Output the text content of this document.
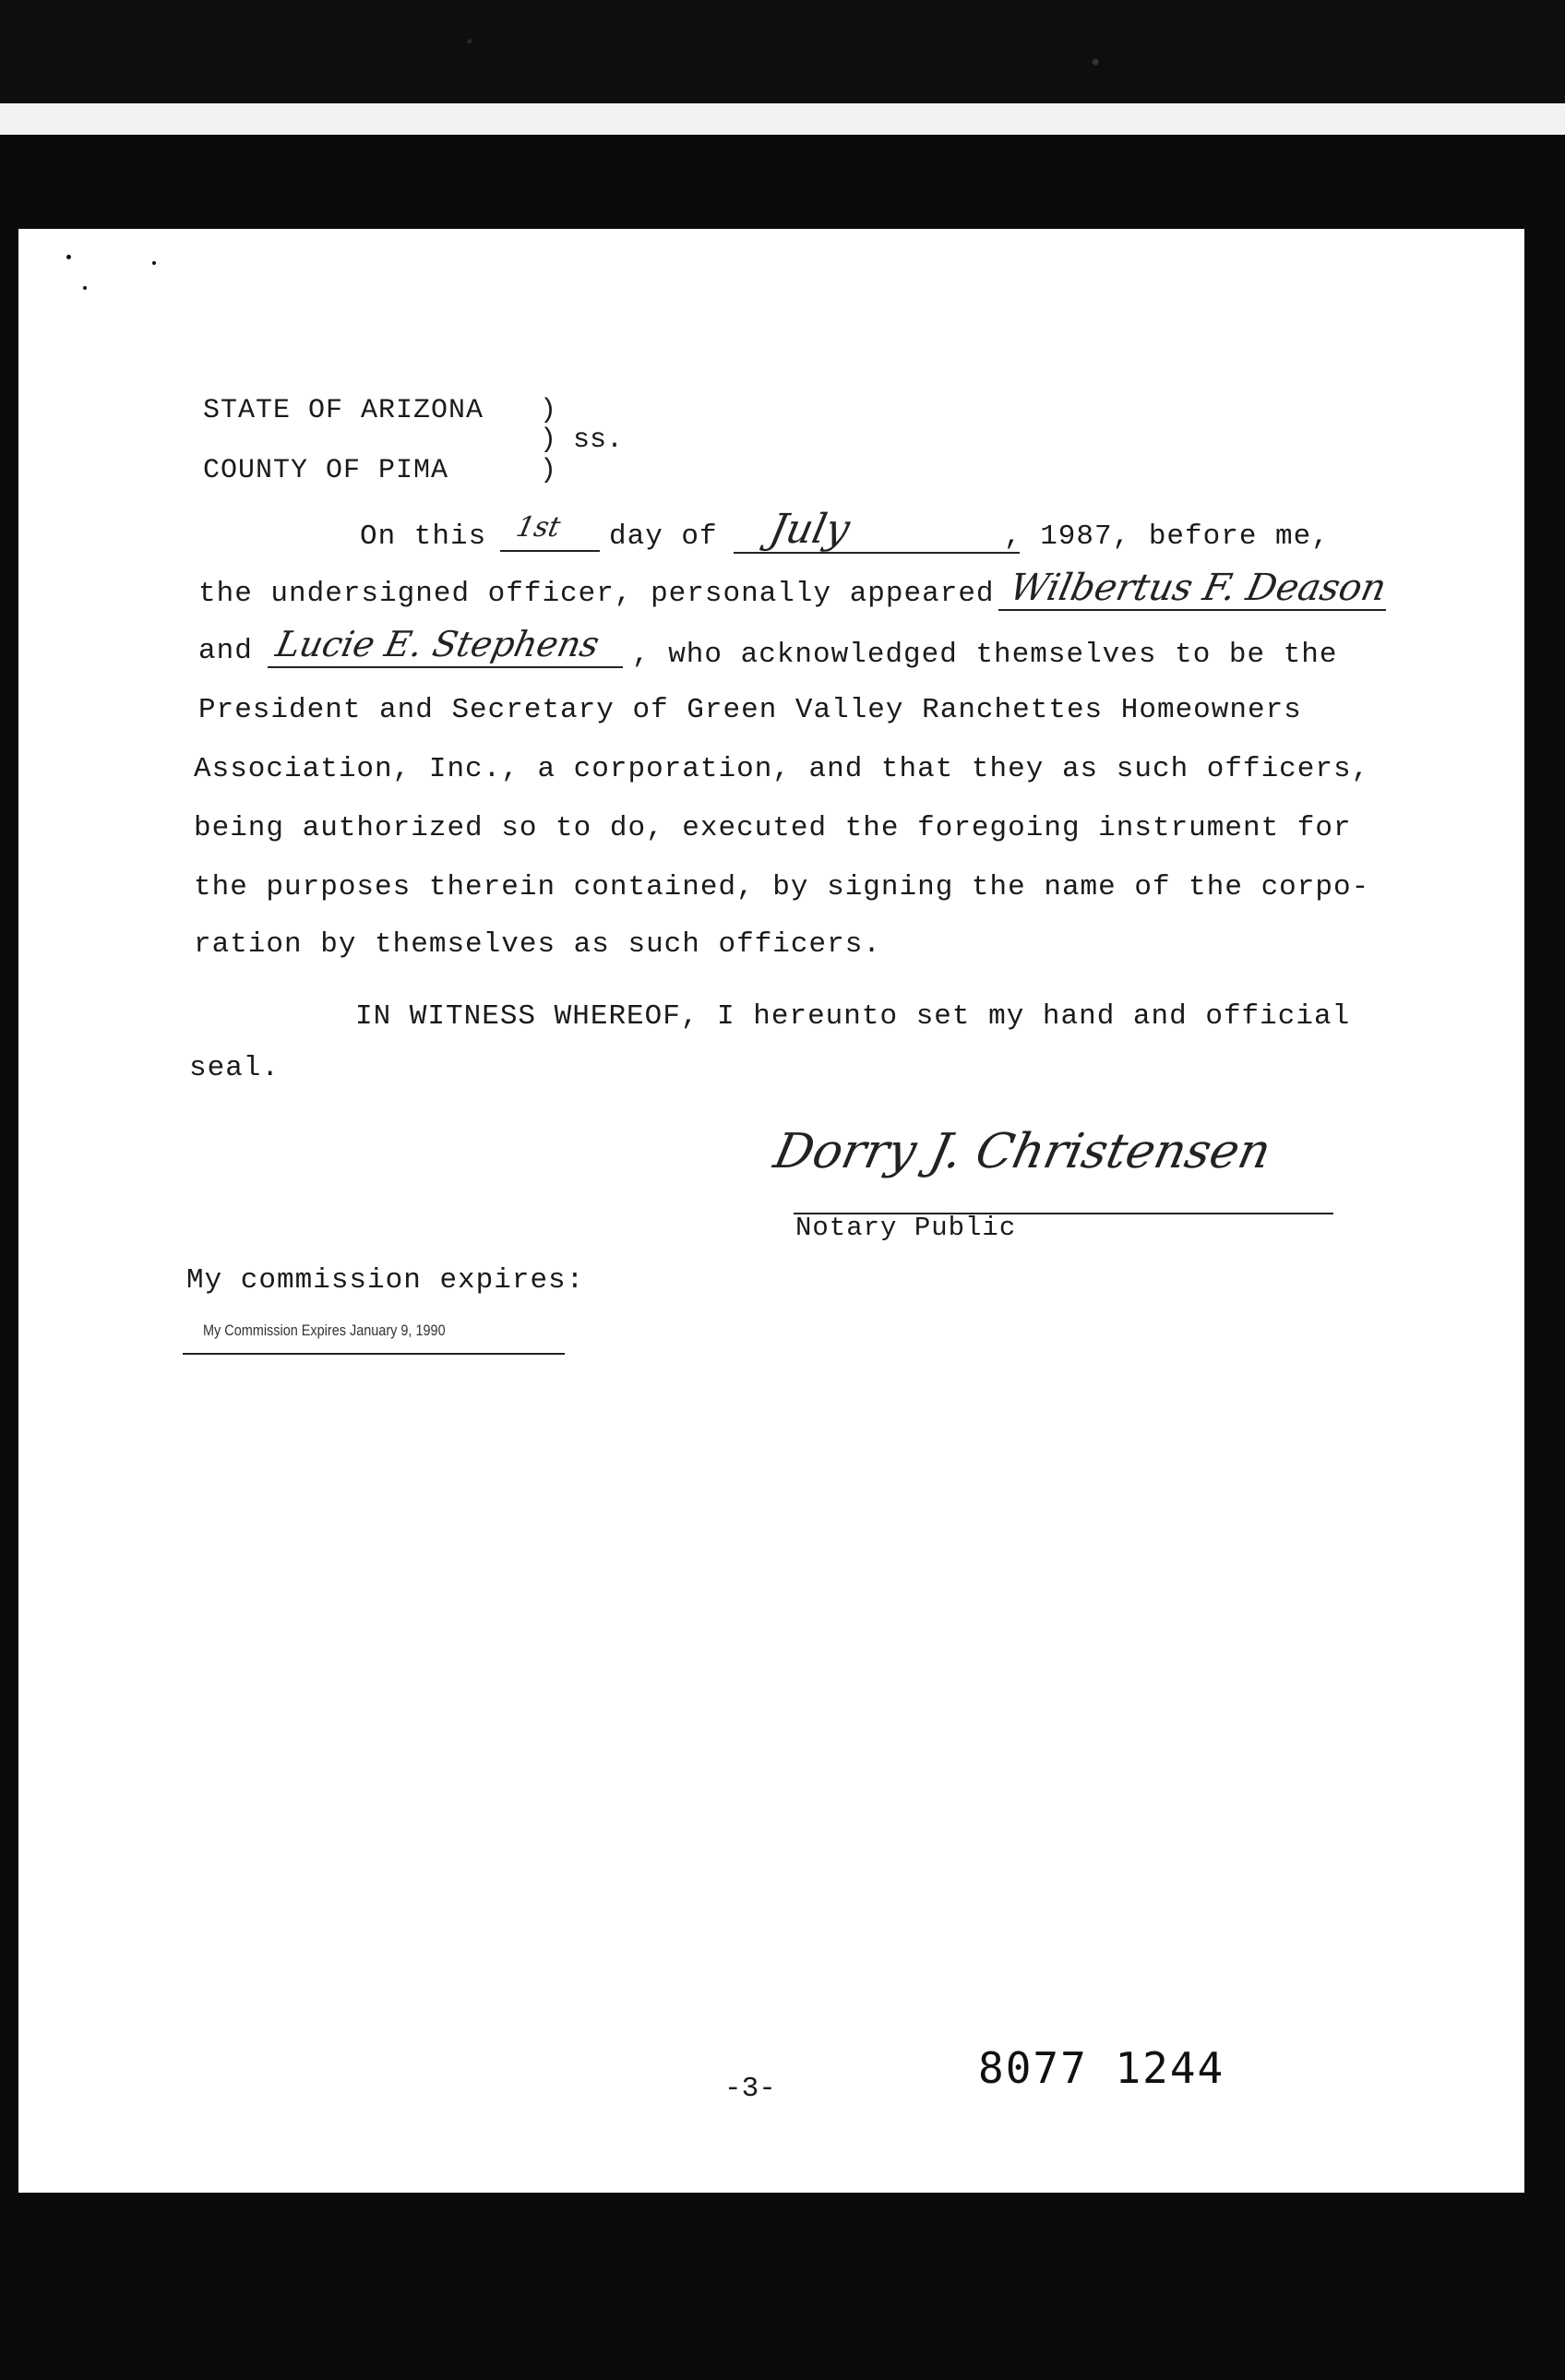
STATE OF ARIZONA )
) ss.
COUNTY OF PIMA	)
On this 1st day of July	, 1987, before me,
the undersigned officer, personally appeared Wilbertus F. Deason
and Lucie E. Stephens , who acknowledged themselves to be the
President and Secretary of Green Valley Ranchettes Homeowners
Association, Inc., a corporation, and that they as such officers,
being authorized so to do, executed the foregoing instrument for
the purposes therein contained, by signing the name of the corpo-
ration by themselves as such officers.
IN WITNESS WHEREOF, I hereunto set my hand and official
seal.
Dorry J. Christensen
Notary Public
My commission expires:
My Commission Expires January 9, 1990
-3-	8077 1244
